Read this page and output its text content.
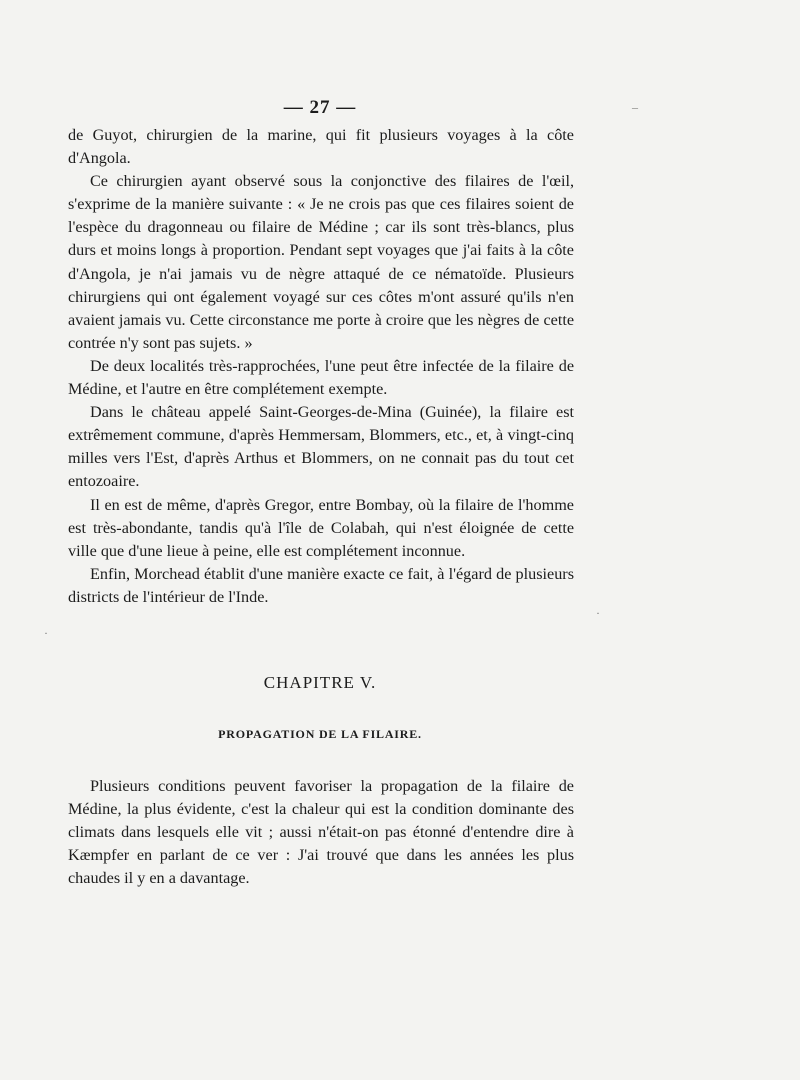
— 27 —

de Guyot, chirurgien de la marine, qui fit plusieurs voyages à la côte d'Angola.

Ce chirurgien ayant observé sous la conjonctive des filaires de l'œil, s'exprime de la manière suivante : « Je ne crois pas que ces filaires soient de l'espèce du dragonneau ou filaire de Médine ; car ils sont très-blancs, plus durs et moins longs à proportion. Pendant sept voyages que j'ai faits à la côte d'Angola, je n'ai jamais vu de nègre attaqué de ce nématoïde. Plusieurs chirurgiens qui ont également voyagé sur ces côtes m'ont assuré qu'ils n'en avaient jamais vu. Cette circonstance me porte à croire que les nègres de cette contrée n'y sont pas sujets. »

De deux localités très-rapprochées, l'une peut être infectée de la filaire de Médine, et l'autre en être complétement exempte.

Dans le château appelé Saint-Georges-de-Mina (Guinée), la filaire est extrêmement commune, d'après Hemmersam, Blommers, etc., et, à vingt-cinq milles vers l'Est, d'après Arthus et Blommers, on ne connait pas du tout cet entozoaire.

Il en est de même, d'après Gregor, entre Bombay, où la filaire de l'homme est très-abondante, tandis qu'à l'île de Colabah, qui n'est éloignée de cette ville que d'une lieue à peine, elle est complétement inconnue.

Enfin, Morchead établit d'une manière exacte ce fait, à l'égard de plusieurs districts de l'intérieur de l'Inde.

CHAPITRE V.
PROPAGATION DE LA FILAIRE.

Plusieurs conditions peuvent favoriser la propagation de la filaire de Médine, la plus évidente, c'est la chaleur qui est la condition dominante des climats dans lesquels elle vit ; aussi n'était-on pas étonné d'entendre dire à Kæmpfer en parlant de ce ver : J'ai trouvé que dans les années les plus chaudes il y en a davantage.

–
·
·
